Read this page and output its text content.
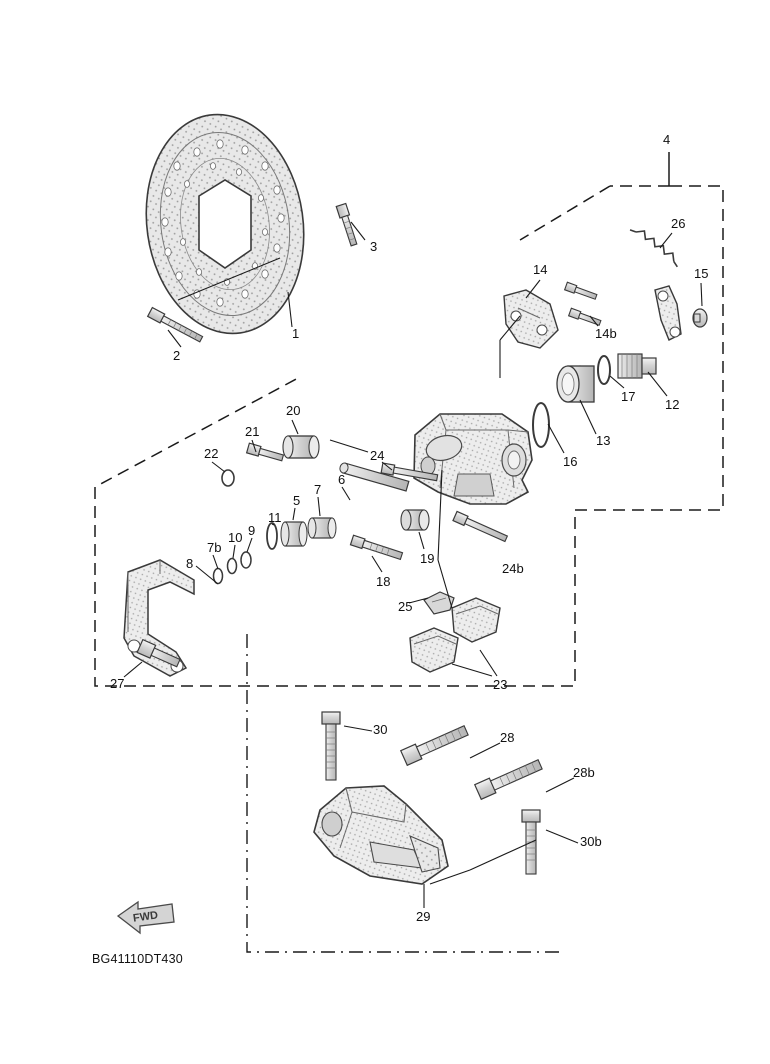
1
2
3
4
5
6
7
7b
8
9
10
11
12
13
14
14b
15
16
17
18
19
20
21
22
23
24
24b
25
26
27
28
28b
29
30
30b
FWD
BG41110DT430
